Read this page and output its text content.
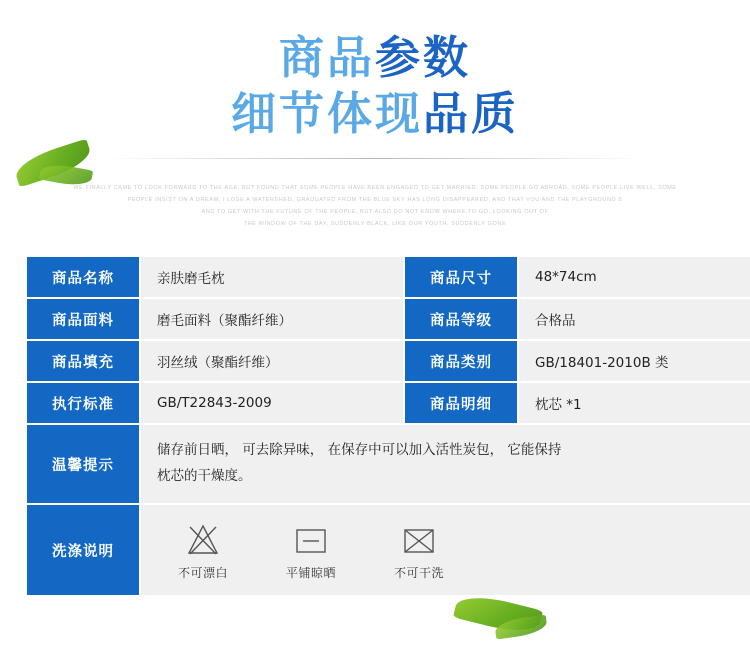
商品参数
细节体现品质
WE FINALLY CAME TO LOOK FORWARD TO THE AGE, BUT FOUND THAT SOME PEOPLE HAVE BEEN ENGAGED TO GET MARRIED, SOME PEOPLE GO ABROAD, SOME PEOPLE LIVE WELL, SOME
PEOPLE INSIST ON A DREAM, I LOSE A WATERSHED, GRADUATED FROM THE BLUE SKY HAS LONG DISAPPEARED, AND THAT YOU AND THE PLAYGROUND S
AND TO GET WITH THE FUTURE OF THE PEOPLE, BUT ALSO DO NOT KNOW WHERE TO GO, LOOKING OUT OF
THE WINDOW OF THE DAY, SUDDENLY BLACK, LIKE OUR YOUTH, SUDDENLY GONE
商品名称	亲肤磨毛枕	商品尺寸	48*74cm
商品面料	磨毛面料（聚酯纤维）	商品等级	合格品
商品填充	羽丝绒（聚酯纤维）	商品类别	GB/18401-2010B 类
执行标准	GB/T22843-2009	商品明细	枕芯 *1
温馨提示	储存前日晒， 可去除异味， 在保存中可以加入活性炭包， 它能保持
枕芯的干燥度。		

洗涤说明	不可漂白 平铺晾晒 不可干洗		
